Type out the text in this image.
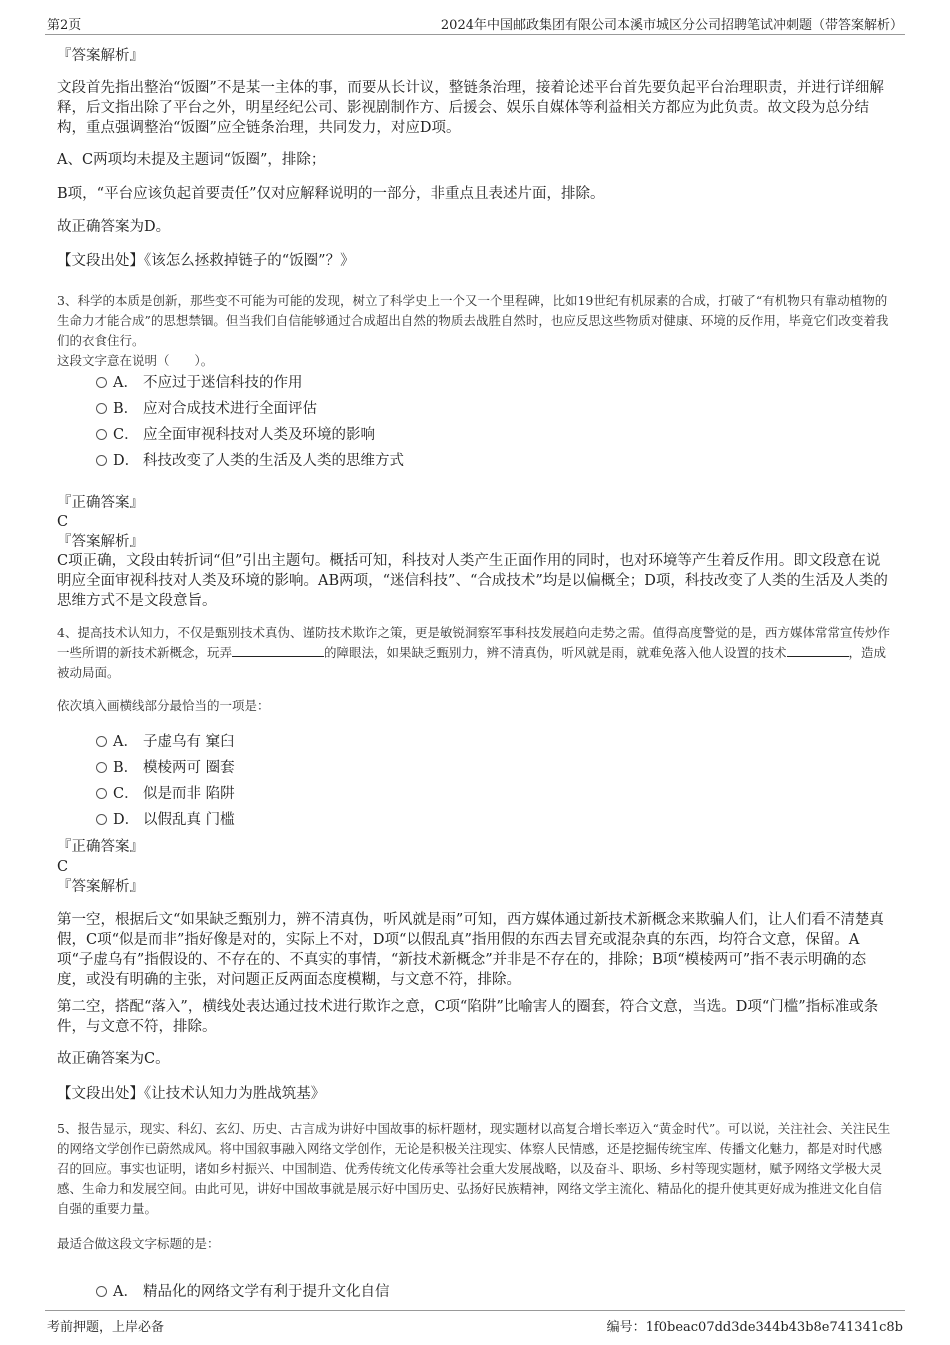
第2页	2024年中国邮政集团有限公司本溪市城区分公司招聘笔试冲刺题（带答案解析）
『答案解析』
文段首先指出整治“饭圈”不是某一主体的事，而要从长计议，整链条治理，接着论述平台首先要负起平台治理职责，并进行详细解释，后文指出除了平台之外，明星经纪公司、影视剧制作方、后援会、娱乐自媒体等利益相关方都应为此负责。故文段为总分结构，重点强调整治“饭圈”应全链条治理，共同发力，对应D项。
A、C两项均未提及主题词“饭圈”，排除；
B项，“平台应该负起首要责任”仅对应解释说明的一部分，非重点且表述片面，排除。
故正确答案为D。
【文段出处】《该怎么拯救掉链子的“饭圈”？》
3、科学的本质是创新，那些变不可能为可能的发现，树立了科学史上一个又一个里程碑，比如19世纪有机尿素的合成，打破了“有机物只有靠动植物的生命力才能合成”的思想禁锢。但当我们自信能够通过合成超出自然的物质去战胜自然时，也应反思这些物质对健康、环境的反作用，毕竟它们改变着我们的衣食住行。
这段文字意在说明（　　）。
A． 不应过于迷信科技的作用
B． 应对合成技术进行全面评估
C． 应全面审视科技对人类及环境的影响
D． 科技改变了人类的生活及人类的思维方式
『正确答案』
C
『答案解析』
C项正确，文段由转折词“但”引出主题句。概括可知，科技对人类产生正面作用的同时，也对环境等产生着反作用。即文段意在说明应全面审视科技对人类及环境的影响。AB两项，“迷信科技”、“合成技术”均是以偏概全；D项，科技改变了人类的生活及人类的思维方式不是文段意旨。
4、提高技术认知力，不仅是甄别技术真伪、谨防技术欺诈之策，更是敏锐洞察军事科技发展趋向走势之需。值得高度警觉的是，西方媒体常常宣传炒作一些所谓的新技术新概念，玩弄	的障眼法，如果缺乏甄别力，辨不清真伪，听风就是雨，就难免落入他人设置的技术	，造成被动局面。
依次填入画横线部分最恰当的一项是：
A． 子虚乌有 窠臼
B． 模棱两可 圈套
C． 似是而非 陷阱
D． 以假乱真 门槛
『正确答案』
C
『答案解析』
第一空，根据后文“如果缺乏甄别力，辨不清真伪，听风就是雨”可知，西方媒体通过新技术新概念来欺骗人们，让人们看不清楚真假，C项“似是而非”指好像是对的，实际上不对，D项“以假乱真”指用假的东西去冒充或混杂真的东西，均符合文意，保留。A项“子虚乌有”指假设的、不存在的、不真实的事情，“新技术新概念”并非是不存在的，排除；B项“模棱两可”指不表示明确的态度，或没有明确的主张，对问题正反两面态度模糊，与文意不符，排除。
第二空，搭配“落入”，横线处表达通过技术进行欺诈之意，C项“陷阱”比喻害人的圈套，符合文意，当选。D项“门槛”指标准或条件，与文意不符，排除。
故正确答案为C。
【文段出处】《让技术认知力为胜战筑基》
5、报告显示，现实、科幻、玄幻、历史、古言成为讲好中国故事的标杆题材，现实题材以高复合增长率迈入“黄金时代”。可以说，关注社会、关注民生的网络文学创作已蔚然成风。将中国叙事融入网络文学创作，无论是积极关注现实、体察人民情感，还是挖掘传统宝库、传播文化魅力，都是对时代感召的回应。事实也证明，诸如乡村振兴、中国制造、优秀传统文化传承等社会重大发展战略，以及奋斗、职场、乡村等现实题材，赋予网络文学极大灵感、生命力和发展空间。由此可见，讲好中国故事就是展示好中国历史、弘扬好民族精神，网络文学主流化、精品化的提升使其更好成为推进文化自信自强的重要力量。
最适合做这段文字标题的是：
A． 精品化的网络文学有利于提升文化自信
考前押题，上岸必备	编号：1f0beac07dd3de344b43b8e741341c8b
